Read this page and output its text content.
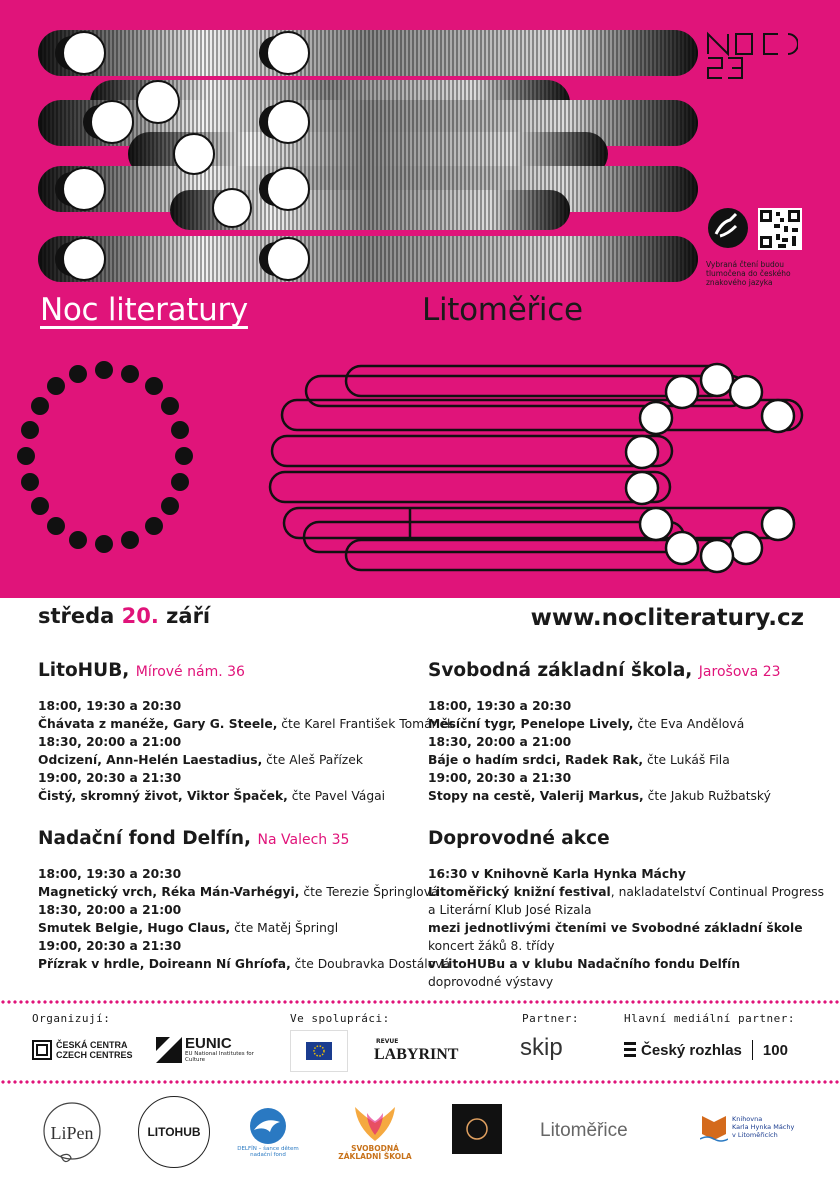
Vybraná čtení budou tlumočena do českého znakového jazyka
Noc literatury	Litoměřice
středa 20. září	www.nocliteratury.cz
LitoHUB, Mírové nám. 36
18:00, 19:30 a 20:30
Čhávata z manéže, Gary G. Steele, čte Karel František Tománek
18:30, 20:00 a 21:00
Odcizení, Ann-Helén Laestadius, čte Aleš Pařízek
19:00, 20:30 a 21:30
Čistý, skromný život, Viktor Špaček, čte Pavel Vágai
Svobodná základní škola, Jarošova 23
18:00, 19:30 a 20:30
Měsíční tygr, Penelope Lively, čte Eva Andělová
18:30, 20:00 a 21:00
Báje o hadím srdci, Radek Rak, čte Lukáš Fila
19:00, 20:30 a 21:30
Stopy na cestě, Valerij Markus, čte Jakub Ružbatský
Nadační fond Delfín, Na Valech 35
18:00, 19:30 a 20:30
Magnetický vrch, Réka Mán-Varhégyi, čte Terezie Špringlová
18:30, 20:00 a 21:00
Smutek Belgie, Hugo Claus, čte Matěj Špringl
19:00, 20:30 a 21:30
Přízrak v hrdle, Doireann Ní Ghríofa, čte Doubravka Dostálová
Doprovodné akce
16:30 v Knihovně Karla Hynka Máchy
Litoměřický knižní festival, nakladatelství Continual Progress
a Literární Klub José Rizala
mezi jednotlivými čteními ve Svobodné základní škole
koncert žáků 8. třídy
v LitoHUBu a v klubu Nadačního fondu Delfín
doprovodné výstavy
Organizují:	Ve spolupráci:	Partner:	Hlavní mediální partner:
ČESKÁ CENTRA
CZECH CENTRES
EUNIC
EU National Institutes for Culture
REVUE
LABYRINT	skip	Český rozhlas 100
LiPen	LITOHUB
DELFÍN – šance dětem
nadační fond
SVOBODNÁ
ZÁKLADNÍ ŠKOLA
Litoměřice
Knihovna
Karla Hynka Máchy
v Litoměřicích
